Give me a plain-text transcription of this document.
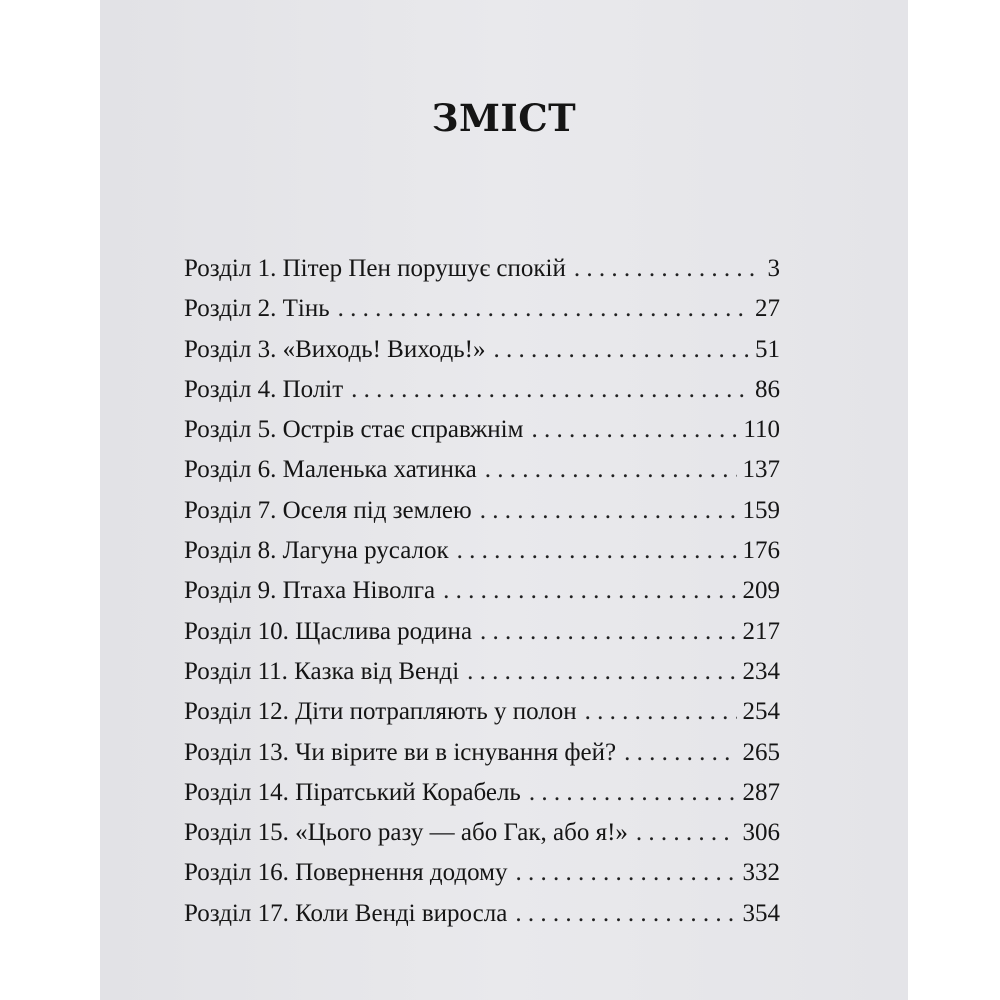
ЗМІСТ
Розділ 1. Пітер Пен порушує спокій . . .	3
Розділ 2. Тінь . . .	27
Розділ 3. «Виходь! Виходь!» . . .	51
Розділ 4. Політ . . .	86
Розділ 5. Острів стає справжнім . . .	110
Розділ 6. Маленька хатинка . . .	137
Розділ 7. Оселя під землею . . .	159
Розділ 8. Лагуна русалок . . .	176
Розділ 9. Птаха Ніволга . . .	209
Розділ 10. Щаслива родина . . .	217
Розділ 11. Казка від Венді . . .	234
Розділ 12. Діти потрапляють у полон . . .	254
Розділ 13. Чи вірите ви в існування фей? . . .	265
Розділ 14. Піратський Корабель . . .	287
Розділ 15. «Цього разу — або Гак, або я!» . . .	306
Розділ 16. Повернення додому . . .	332
Розділ 17. Коли Венді виросла . . .	354
